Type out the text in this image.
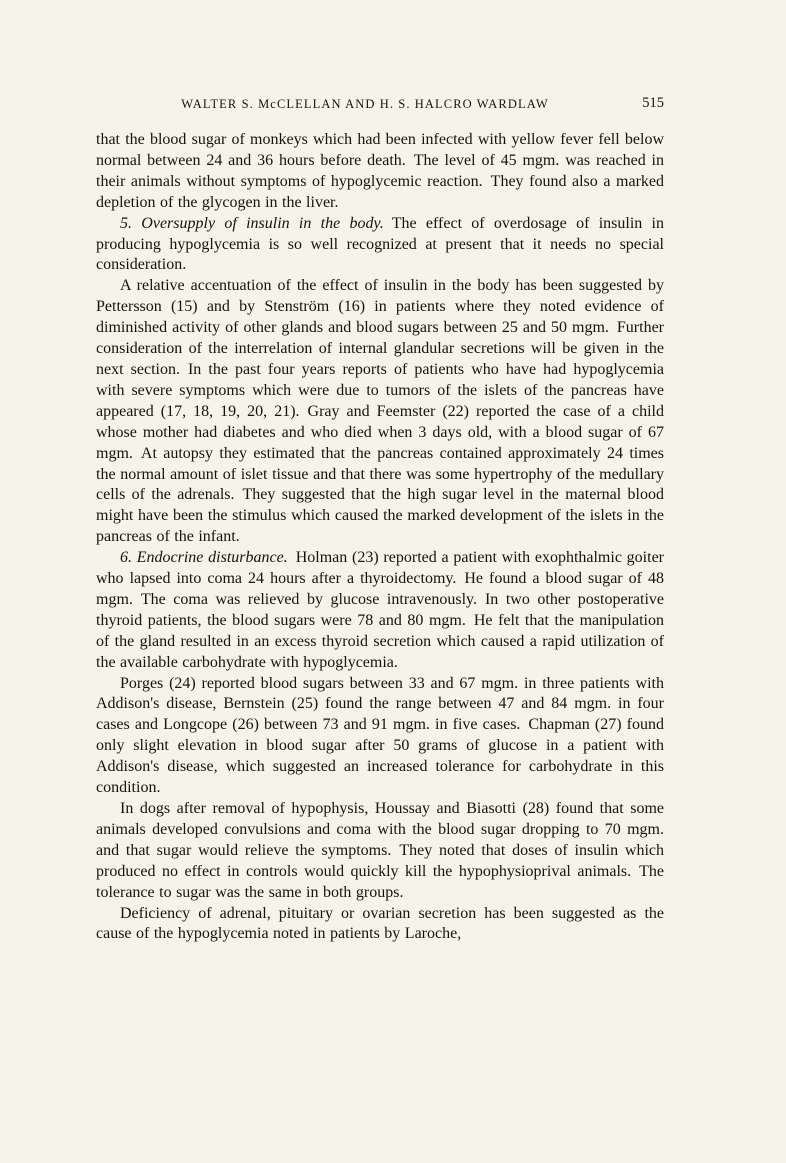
WALTER S. McCLELLAN AND H. S. HALCRO WARDLAW	515

that the blood sugar of monkeys which had been infected with yellow fever fell below normal between 24 and 36 hours before death. The level of 45 mgm. was reached in their animals without symptoms of hypoglycemic reaction. They found also a marked depletion of the glycogen in the liver.

5. Oversupply of insulin in the body. The effect of overdosage of insulin in producing hypoglycemia is so well recognized at present that it needs no special consideration.

A relative accentuation of the effect of insulin in the body has been suggested by Pettersson (15) and by Stenström (16) in patients where they noted evidence of diminished activity of other glands and blood sugars between 25 and 50 mgm. Further consideration of the interrelation of internal glandular secretions will be given in the next section. In the past four years reports of patients who have had hypoglycemia with severe symptoms which were due to tumors of the islets of the pancreas have appeared (17, 18, 19, 20, 21). Gray and Feemster (22) reported the case of a child whose mother had diabetes and who died when 3 days old, with a blood sugar of 67 mgm. At autopsy they estimated that the pancreas contained approximately 24 times the normal amount of islet tissue and that there was some hypertrophy of the medullary cells of the adrenals. They suggested that the high sugar level in the maternal blood might have been the stimulus which caused the marked development of the islets in the pancreas of the infant.

6. Endocrine disturbance. Holman (23) reported a patient with exophthalmic goiter who lapsed into coma 24 hours after a thyroidectomy. He found a blood sugar of 48 mgm. The coma was relieved by glucose intravenously. In two other postoperative thyroid patients, the blood sugars were 78 and 80 mgm. He felt that the manipulation of the gland resulted in an excess thyroid secretion which caused a rapid utilization of the available carbohydrate with hypoglycemia.

Porges (24) reported blood sugars between 33 and 67 mgm. in three patients with Addison's disease, Bernstein (25) found the range between 47 and 84 mgm. in four cases and Longcope (26) between 73 and 91 mgm. in five cases. Chapman (27) found only slight elevation in blood sugar after 50 grams of glucose in a patient with Addison's disease, which suggested an increased tolerance for carbohydrate in this condition.

In dogs after removal of hypophysis, Houssay and Biasotti (28) found that some animals developed convulsions and coma with the blood sugar dropping to 70 mgm. and that sugar would relieve the symptoms. They noted that doses of insulin which produced no effect in controls would quickly kill the hypophysioprival animals. The tolerance to sugar was the same in both groups.

Deficiency of adrenal, pituitary or ovarian secretion has been suggested as the cause of the hypoglycemia noted in patients by Laroche,
